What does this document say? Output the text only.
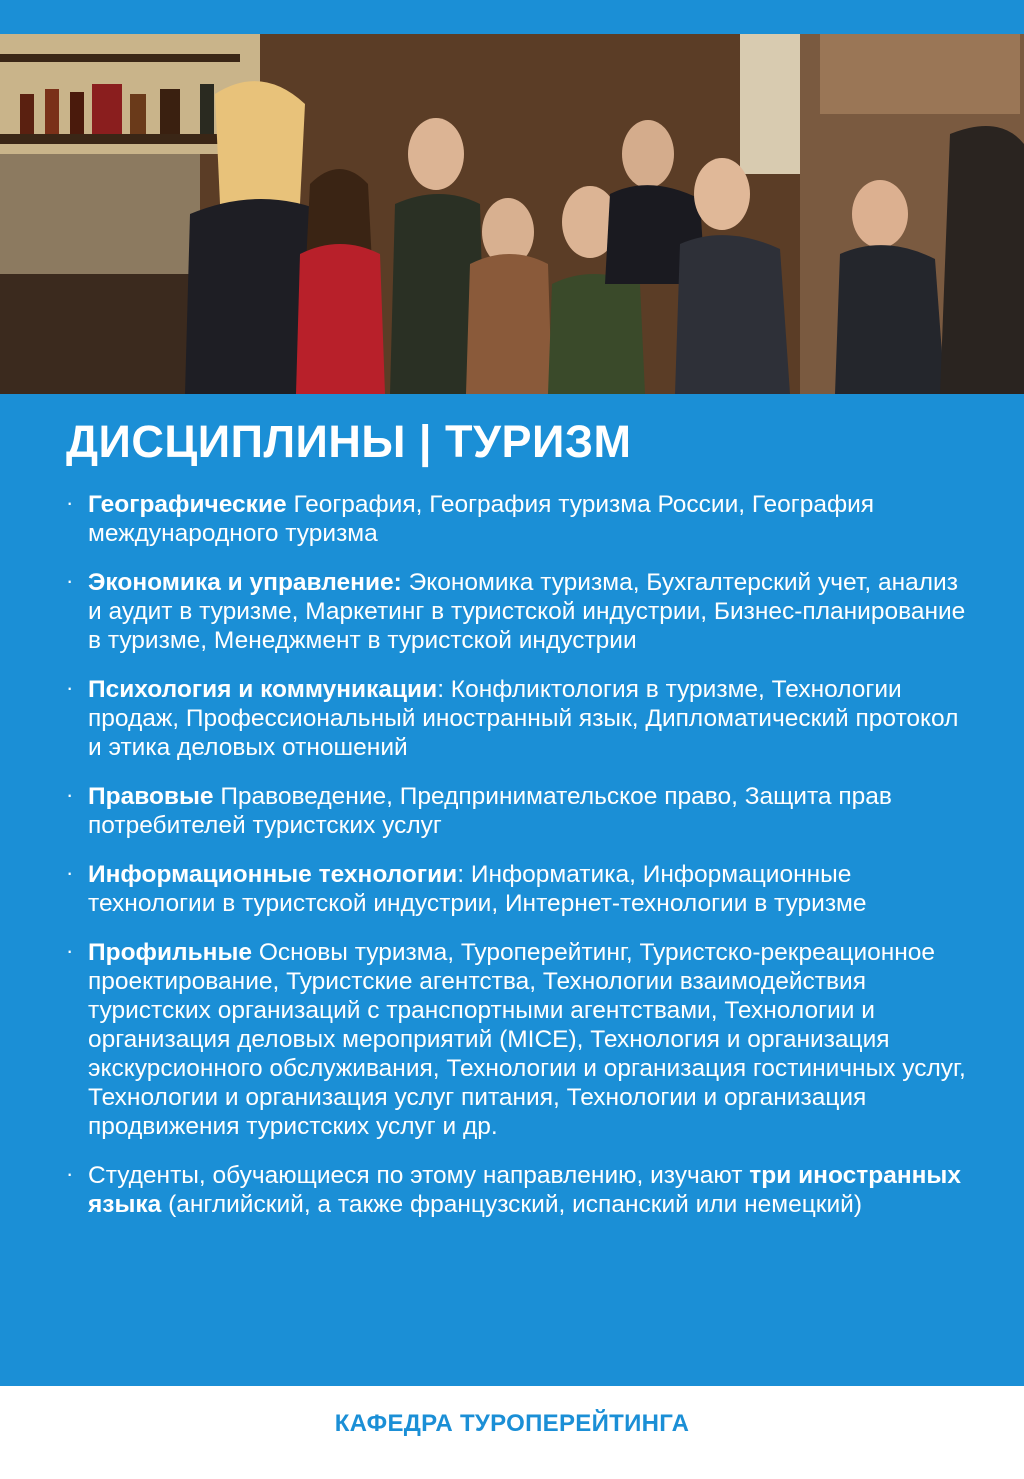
ДИСЦИПЛИНЫ | ТУРИЗМ
· Географические География, География туризма России, География международного туризма
· Экономика и управление: Экономика туризма, Бухгалтерский учет, анализ и аудит в туризме, Маркетинг в туристской индустрии, Бизнес-планирование в туризме, Менеджмент в туристской индустрии
· Психология и коммуникации: Конфликтология в туризме, Технологии продаж, Профессиональный иностранный язык, Дипломатический протокол и этика деловых отношений
· Правовые Правоведение, Предпринимательское право, Защита прав потребителей туристских услуг
· Информационные технологии: Информатика, Информационные технологии в туристской индустрии, Интернет-технологии в туризме
· Профильные Основы туризма, Туроперейтинг, Туристско-рекреационное проектирование, Туристские агентства, Технологии взаимодействия туристских организаций с транспортными агентствами, Технологии и организация деловых мероприятий (MICE), Технология и организация экскурсионного обслуживания, Технологии и организация гостиничных услуг, Технологии и организация услуг питания, Технологии и организация продвижения туристских услуг и др.
· Студенты, обучающиеся по этому направлению, изучают три иностранных языка (английский, а также французский, испанский или немецкий)
КАФЕДРА ТУРОПЕРЕЙТИНГА
